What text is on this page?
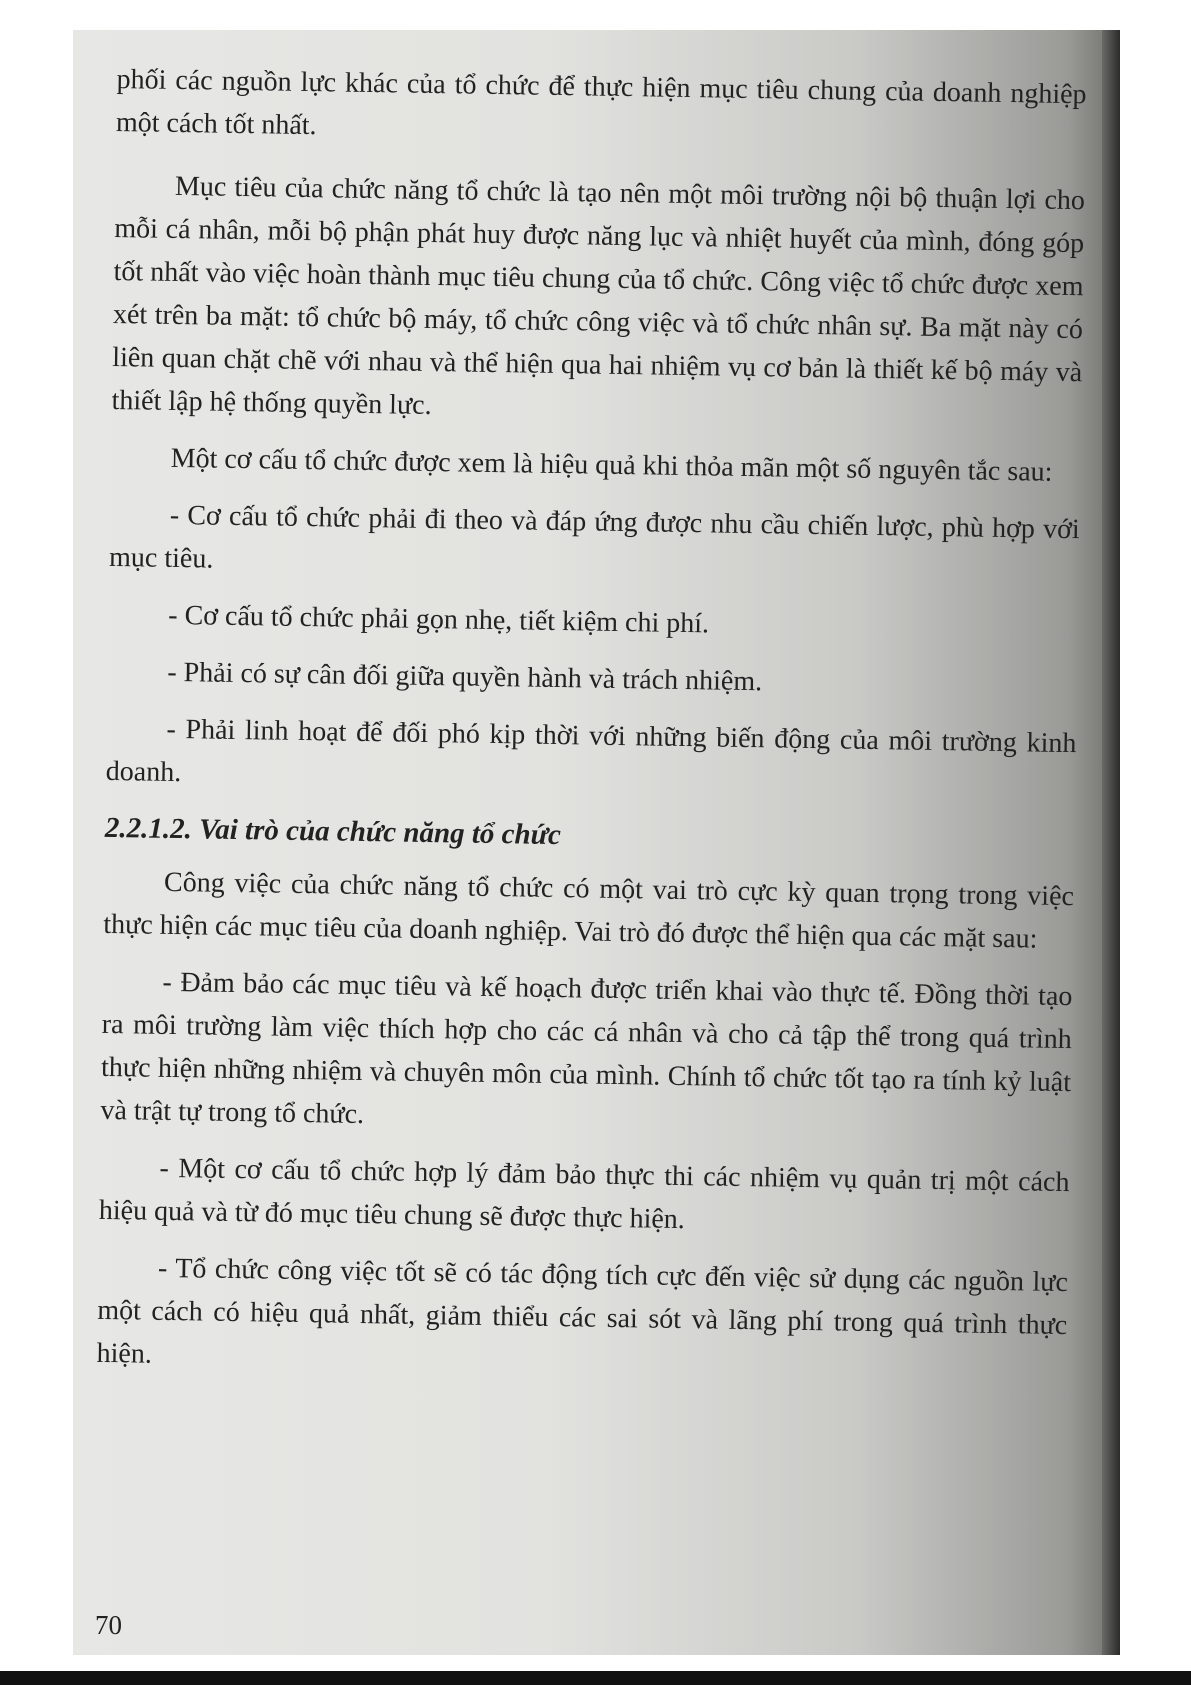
phối các nguồn lực khác của tổ chức để thực hiện mục tiêu chung của doanh nghiệp một cách tốt nhất.

Mục tiêu của chức năng tổ chức là tạo nên một môi trường nội bộ thuận lợi cho mỗi cá nhân, mỗi bộ phận phát huy được năng lục và nhiệt huyết của mình, đóng góp tốt nhất vào việc hoàn thành mục tiêu chung của tổ chức. Công việc tổ chức được xem xét trên ba mặt: tổ chức bộ máy, tổ chức công việc và tổ chức nhân sự. Ba mặt này có liên quan chặt chẽ với nhau và thể hiện qua hai nhiệm vụ cơ bản là thiết kế bộ máy và thiết lập hệ thống quyền lực.

Một cơ cấu tổ chức được xem là hiệu quả khi thỏa mãn một số nguyên tắc sau:

- Cơ cấu tổ chức phải đi theo và đáp ứng được nhu cầu chiến lược, phù hợp với mục tiêu.

- Cơ cấu tổ chức phải gọn nhẹ, tiết kiệm chi phí.

- Phải có sự cân đối giữa quyền hành và trách nhiệm.

- Phải linh hoạt để đối phó kịp thời với những biến động của môi trường kinh doanh.

2.2.1.2. Vai trò của chức năng tổ chức

Công việc của chức năng tổ chức có một vai trò cực kỳ quan trọng trong việc thực hiện các mục tiêu của doanh nghiệp. Vai trò đó được thể hiện qua các mặt sau:

- Đảm bảo các mục tiêu và kế hoạch được triển khai vào thực tế. Đồng thời tạo ra môi trường làm việc thích hợp cho các cá nhân và cho cả tập thể trong quá trình thực hiện những nhiệm và chuyên môn của mình. Chính tổ chức tốt tạo ra tính kỷ luật và trật tự trong tổ chức.

- Một cơ cấu tổ chức hợp lý đảm bảo thực thi các nhiệm vụ quản trị một cách hiệu quả và từ đó mục tiêu chung sẽ được thực hiện.

- Tổ chức công việc tốt sẽ có tác động tích cực đến việc sử dụng các nguồn lực một cách có hiệu quả nhất, giảm thiểu các sai sót và lãng phí trong quá trình thực hiện.

70
